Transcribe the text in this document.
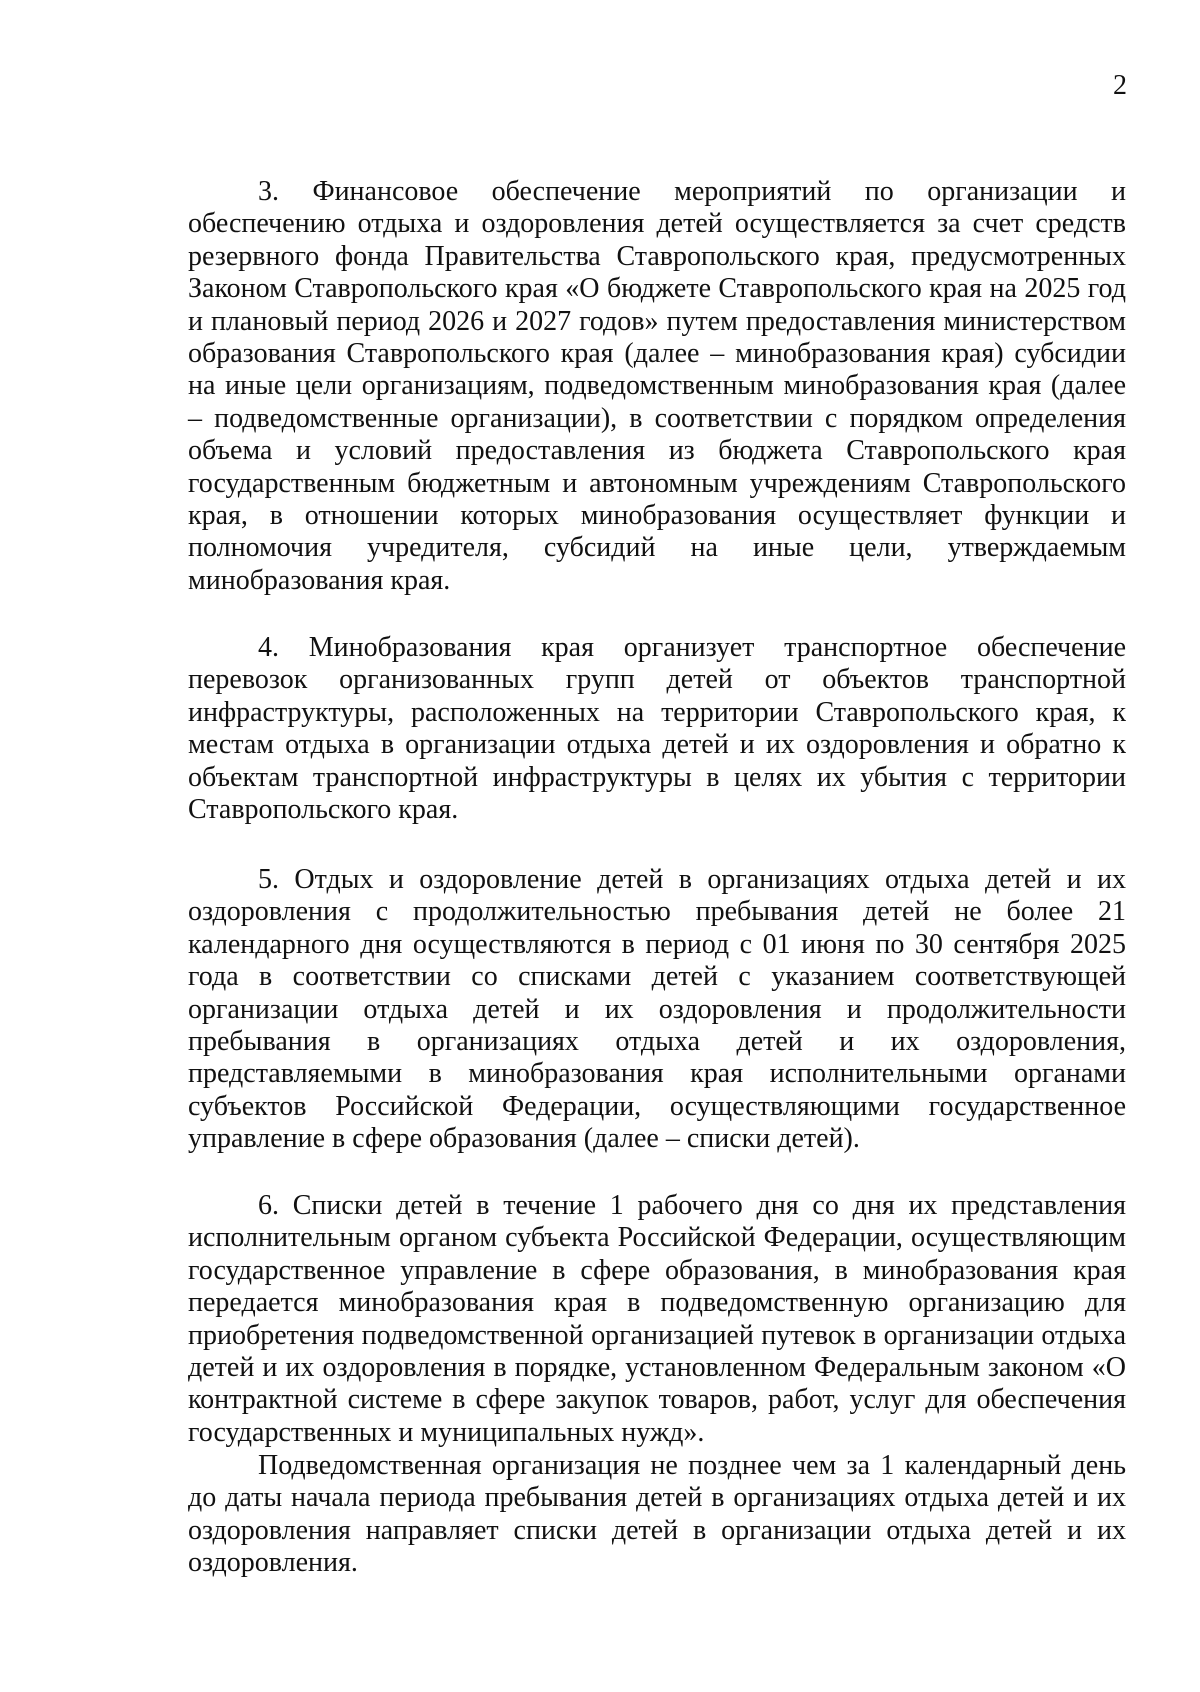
2

3. Финансовое обеспечение мероприятий по организации и обеспечению отдыха и оздоровления детей осуществляется за счет средств резервного фонда Правительства Ставропольского края, предусмотренных Законом Ставропольского края «О бюджете Ставропольского края на 2025 год и плановый период 2026 и 2027 годов» путем предоставления министерством образования Ставропольского края (далее – минобразования края) субсидии на иные цели организациям, подведомственным минобразования края (далее – подведомственные организации), в соответствии с порядком определения объема и условий предоставления из бюджета Ставропольского края государственным бюджетным и автономным учреждениям Ставропольского края, в отношении которых минобразования осуществляет функции и полномочия учредителя, субсидий на иные цели, утверждаемым минобразования края.

4. Минобразования края организует транспортное обеспечение перевозок организованных групп детей от объектов транспортной инфраструктуры, расположенных на территории Ставропольского края, к местам отдыха в организации отдыха детей и их оздоровления и обратно к объектам транспортной инфраструктуры в целях их убытия с территории Ставропольского края.

5. Отдых и оздоровление детей в организациях отдыха детей и их оздоровления с продолжительностью пребывания детей не более 21 календарного дня осуществляются в период с 01 июня по 30 сентября 2025 года в соответствии со списками детей с указанием соответствующей организации отдыха детей и их оздоровления и продолжительности пребывания в организациях отдыха детей и их оздоровления, представляемыми в минобразования края исполнительными органами субъектов Российской Федерации, осуществляющими государственное управление в сфере образования (далее – списки детей).

6. Списки детей в течение 1 рабочего дня со дня их представления исполнительным органом субъекта Российской Федерации, осуществляющим государственное управление в сфере образования, в минобразования края передается минобразования края в подведомственную организацию для приобретения подведомственной организацией путевок в организации отдыха детей и их оздоровления в порядке, установленном Федеральным законом «О контрактной системе в сфере закупок товаров, работ, услуг для обеспечения государственных и муниципальных нужд».

Подведомственная организация не позднее чем за 1 календарный день до даты начала периода пребывания детей в организациях отдыха детей и их оздоровления направляет списки детей в организации отдыха детей и их оздоровления.
